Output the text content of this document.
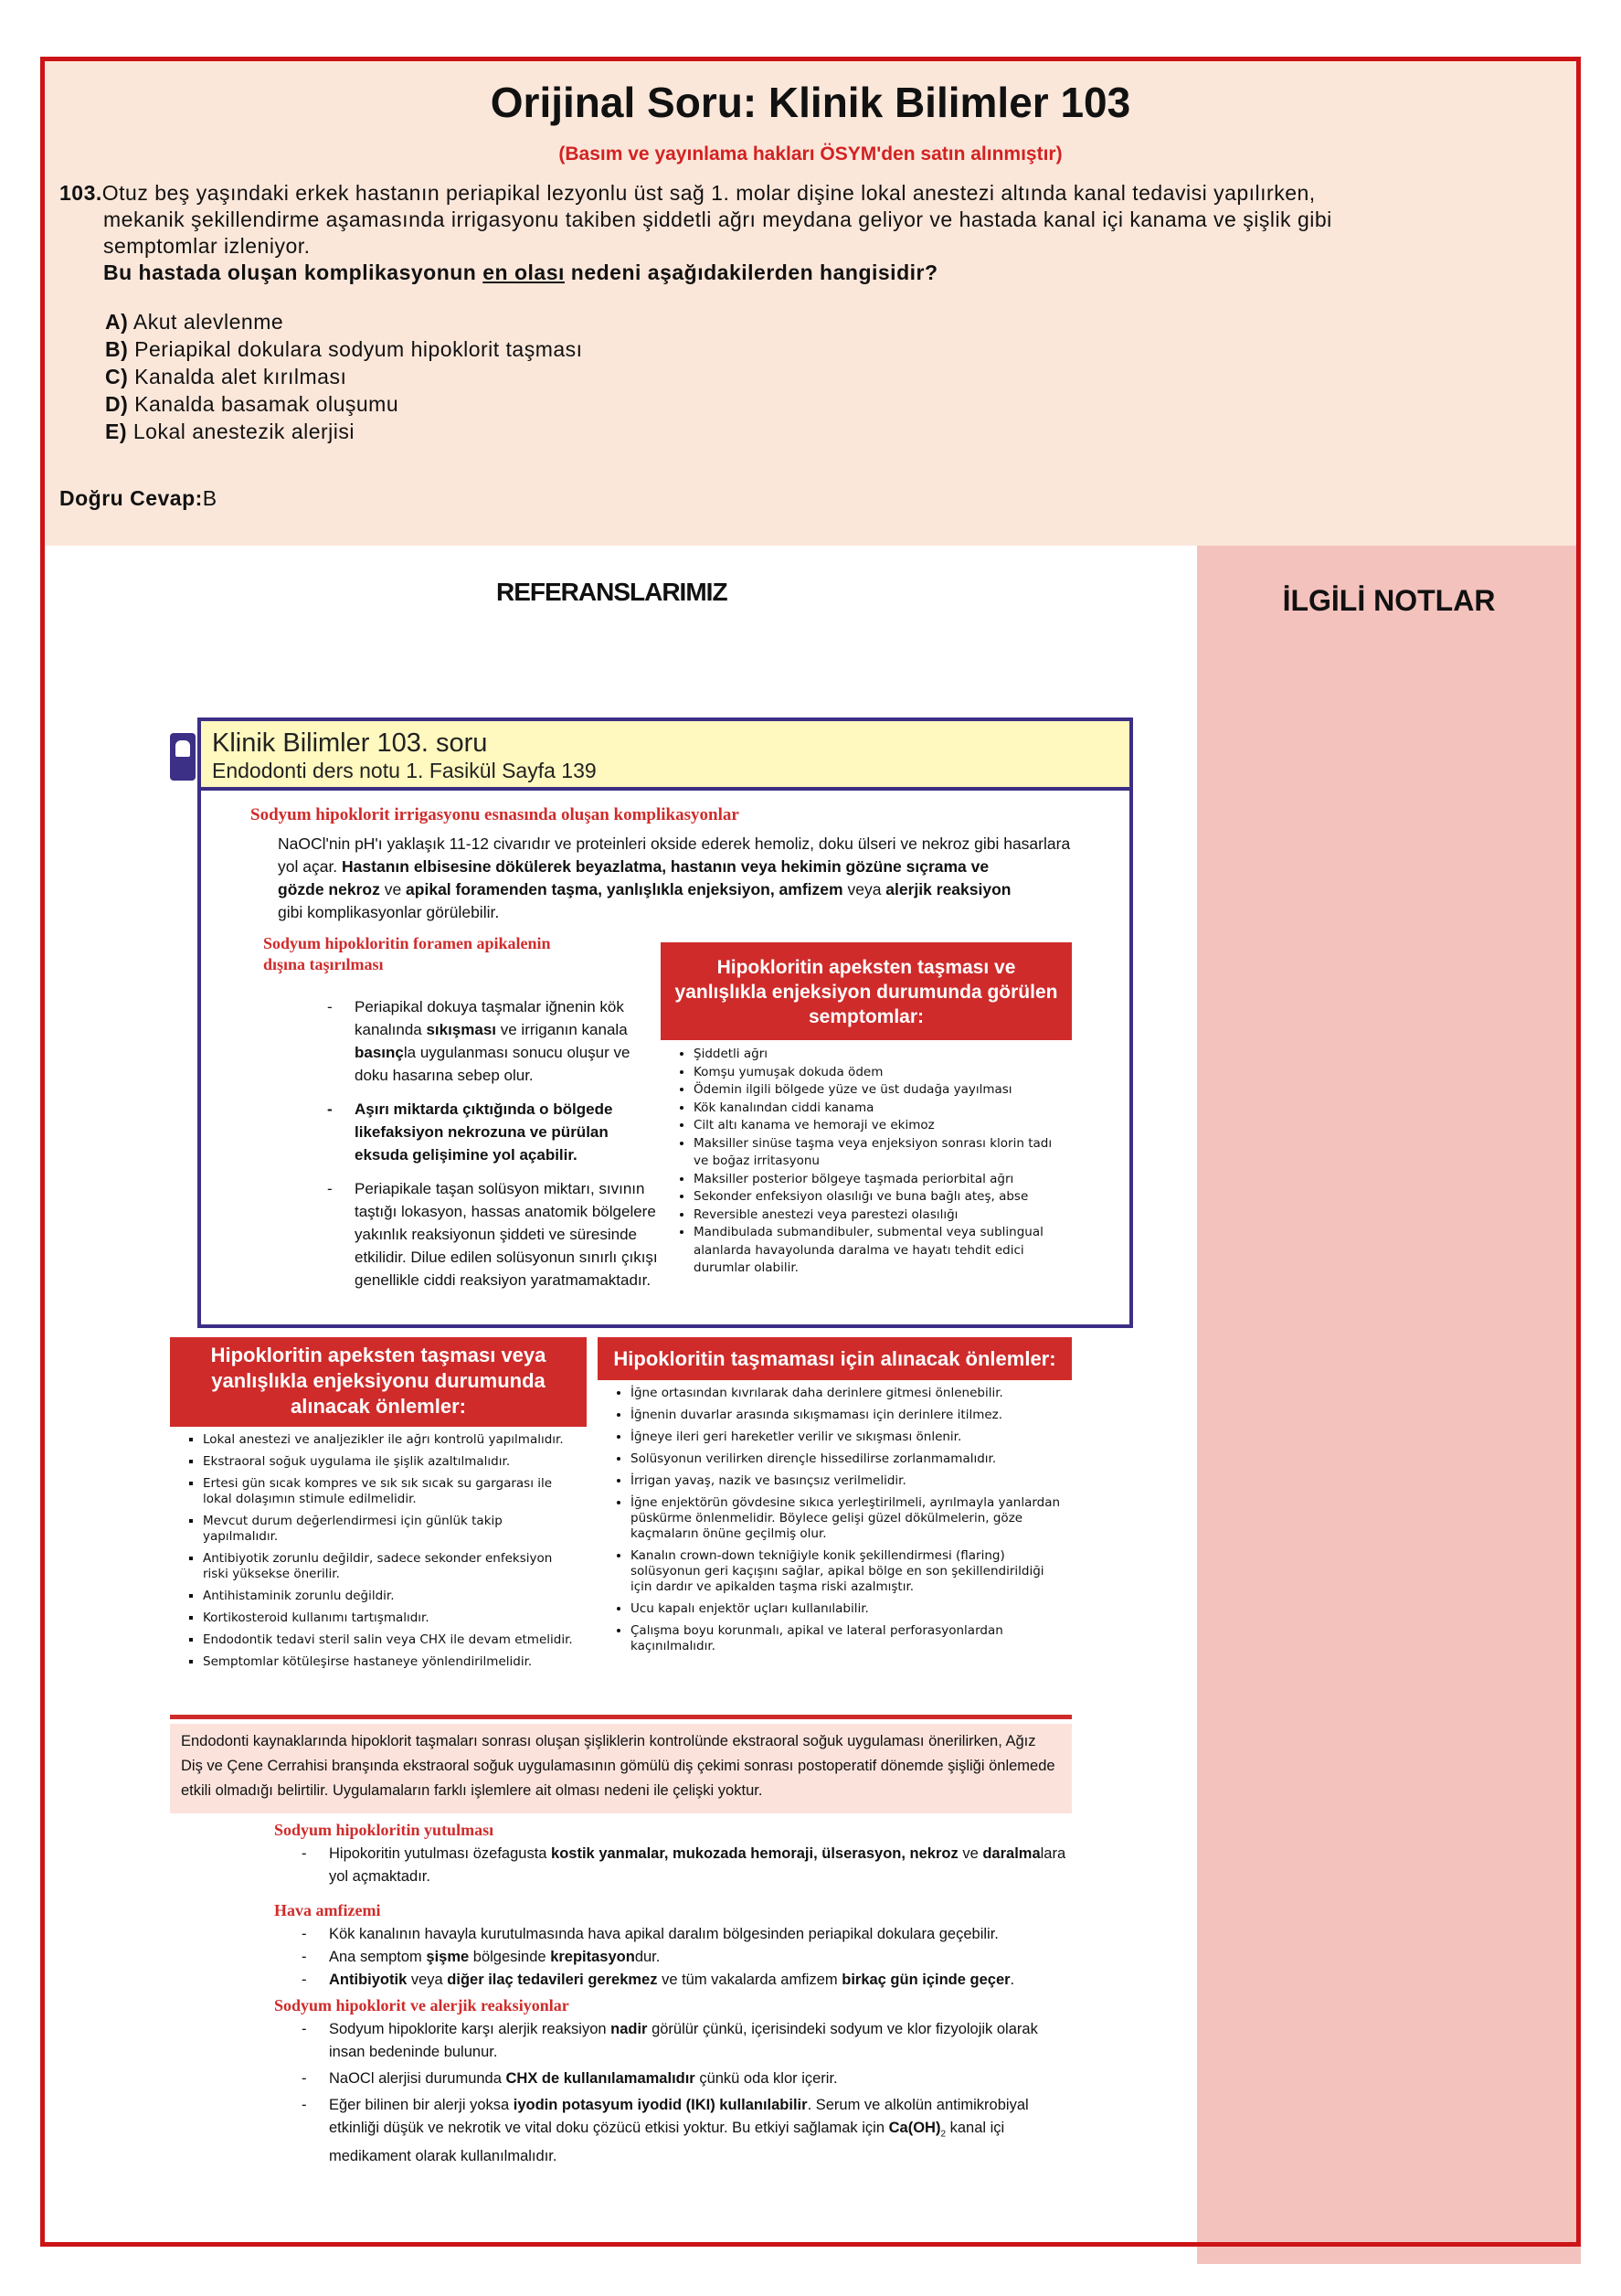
Orijinal Soru: Klinik Bilimler 103
(Basım ve yayınlama hakları ÖSYM'den satın alınmıştır)
103.Otuz beş yaşındaki erkek hastanın periapikal lezyonlu üst sağ 1. molar dişine lokal anestezi altında kanal tedavisi yapılırken,
mekanik şekillendirme aşamasında irrigasyonu takiben şiddetli ağrı meydana geliyor ve hastada kanal içi kanama ve şişlik gibi
semptomlar izleniyor.
Bu hastada oluşan komplikasyonun en olası nedeni aşağıdakilerden hangisidir?
A) Akut alevlenme
B) Periapikal dokulara sodyum hipoklorit taşması
C) Kanalda alet kırılması
D) Kanalda basamak oluşumu
E) Lokal anestezik alerjisi
Doğru Cevap:B
REFERANSLARIMIZ	İLGİLİ NOTLAR
Klinik Bilimler 103. soru
Endodonti ders notu 1. Fasikül Sayfa 139
Sodyum hipoklorit irrigasyonu esnasında oluşan komplikasyonlar
NaOCl'nin pH'ı yaklaşık 11-12 civarıdır ve proteinleri okside ederek hemoliz, doku ülseri ve nekroz gibi hasarlara
yol açar. Hastanın elbisesine dökülerek beyazlatma, hastanın veya hekimin gözüne sıçrama ve
gözde nekroz ve apikal foramenden taşma, yanlışlıkla enjeksiyon, amfizem veya alerjik reaksiyon
gibi komplikasyonlar görülebilir.
Sodyum hipokloritin foramen apikalenin
dışına taşırılması
- Periapikal dokuya taşmalar iğnenin kök kanalında sıkışması ve irriganın kanala basınçla uygulanması sonucu oluşur ve doku hasarına sebep olur.
- Aşırı miktarda çıktığında o bölgede likefaksiyon nekrozuna ve pürülan eksuda gelişimine yol açabilir.
- Periapikale taşan solüsyon miktarı, sıvının taştığı lokasyon, hassas anatomik bölgelere yakınlık reaksiyonun şiddeti ve süresinde etkilidir. Dilue edilen solüsyonun sınırlı çıkışı genellikle ciddi reaksiyon yaratmamaktadır.
Hipokloritin apeksten taşması ve yanlışlıkla enjeksiyon durumunda görülen semptomlar:
• Şiddetli ağrı
• Komşu yumuşak dokuda ödem
• Ödemin ilgili bölgede yüze ve üst dudağa yayılması
• Kök kanalından ciddi kanama
• Cilt altı kanama ve hemoraji ve ekimoz
• Maksiller sinüse taşma veya enjeksiyon sonrası klorin tadı ve boğaz irritasyonu
• Maksiller posterior bölgeye taşmada periorbital ağrı
• Sekonder enfeksiyon olasılığı ve buna bağlı ateş, abse
• Reversible anestezi veya parestezi olasılığı
• Mandibulada submandibuler, submental veya sublingual alanlarda havayolunda daralma ve hayatı tehdit edici durumlar olabilir.
Hipokloritin apeksten taşması veya yanlışlıkla enjeksiyonu durumunda alınacak önlemler:
▪ Lokal anestezi ve analjezikler ile ağrı kontrolü yapılmalıdır.
▪ Ekstraoral soğuk uygulama ile şişlik azaltılmalıdır.
▪ Ertesi gün sıcak kompres ve sık sık sıcak su gargarası ile lokal dolaşımın stimule edilmelidir.
▪ Mevcut durum değerlendirmesi için günlük takip yapılmalıdır.
▪ Antibiyotik zorunlu değildir, sadece sekonder enfeksiyon riski yüksekse önerilir.
▪ Antihistaminik zorunlu değildir.
▪ Kortikosteroid kullanımı tartışmalıdır.
▪ Endodontik tedavi steril salin veya CHX ile devam etmelidir.
▪ Semptomlar kötüleşirse hastaneye yönlendirilmelidir.
Hipokloritin taşmaması için alınacak önlemler:
• İğne ortasından kıvrılarak daha derinlere gitmesi önlenebilir.
• İğnenin duvarlar arasında sıkışmaması için derinlere itilmez.
• İğneye ileri geri hareketler verilir ve sıkışması önlenir.
• Solüsyonun verilirken dirençle hissedilirse zorlanmamalıdır.
• İrrigan yavaş, nazik ve basınçsız verilmelidir.
• İğne enjektörün gövdesine sıkıca yerleştirilmeli, ayrılmayla yanlardan püskürme önlenmelidir. Böylece gelişi güzel dökülmelerin, göze kaçmaların önüne geçilmiş olur.
• Kanalın crown-down tekniğiyle konik şekillendirmesi (flaring) solüsyonun geri kaçışını sağlar, apikal bölge en son şekillendirildiği için dardır ve apikalden taşma riski azalmıştır.
• Ucu kapalı enjektör uçları kullanılabilir.
• Çalışma boyu korunmalı, apikal ve lateral perforasyonlardan kaçınılmalıdır.
Endodonti kaynaklarında hipoklorit taşmaları sonrası oluşan şişliklerin kontrolünde ekstraoral soğuk uygulaması önerilirken, Ağız Diş ve Çene Cerrahisi branşında ekstraoral soğuk uygulamasının gömülü diş çekimi sonrası postoperatif dönemde şişliği önlemede etkili olmadığı belirtilir. Uygulamaların farklı işlemlere ait olması nedeni ile çelişki yoktur.
Sodyum hipokloritin yutulması
- Hipokoritin yutulması özefagusta kostik yanmalar, mukozada hemoraji, ülserasyon, nekroz ve daralmalara yol açmaktadır.
Hava amfizemi
- Kök kanalının havayla kurutulmasında hava apikal daralım bölgesinden periapikal dokulara geçebilir.
- Ana semptom şişme bölgesinde krepitasyondur.
- Antibiyotik veya diğer ilaç tedavileri gerekmez ve tüm vakalarda amfizem birkaç gün içinde geçer.
Sodyum hipoklorit ve alerjik reaksiyonlar
- Sodyum hipoklorite karşı alerjik reaksiyon nadir görülür çünkü, içerisindeki sodyum ve klor fizyolojik olarak insan bedeninde bulunur.
- NaOCl alerjisi durumunda CHX de kullanılamamalıdır çünkü oda klor içerir.
- Eğer bilinen bir alerji yoksa iyodin potasyum iyodid (IKI) kullanılabilir. Serum ve alkolün antimikrobiyal etkinliği düşük ve nekrotik ve vital doku çözücü etkisi yoktur. Bu etkiyi sağlamak için $Ca(OH)_2$ kanal içi medikament olarak kullanılmalıdır.
